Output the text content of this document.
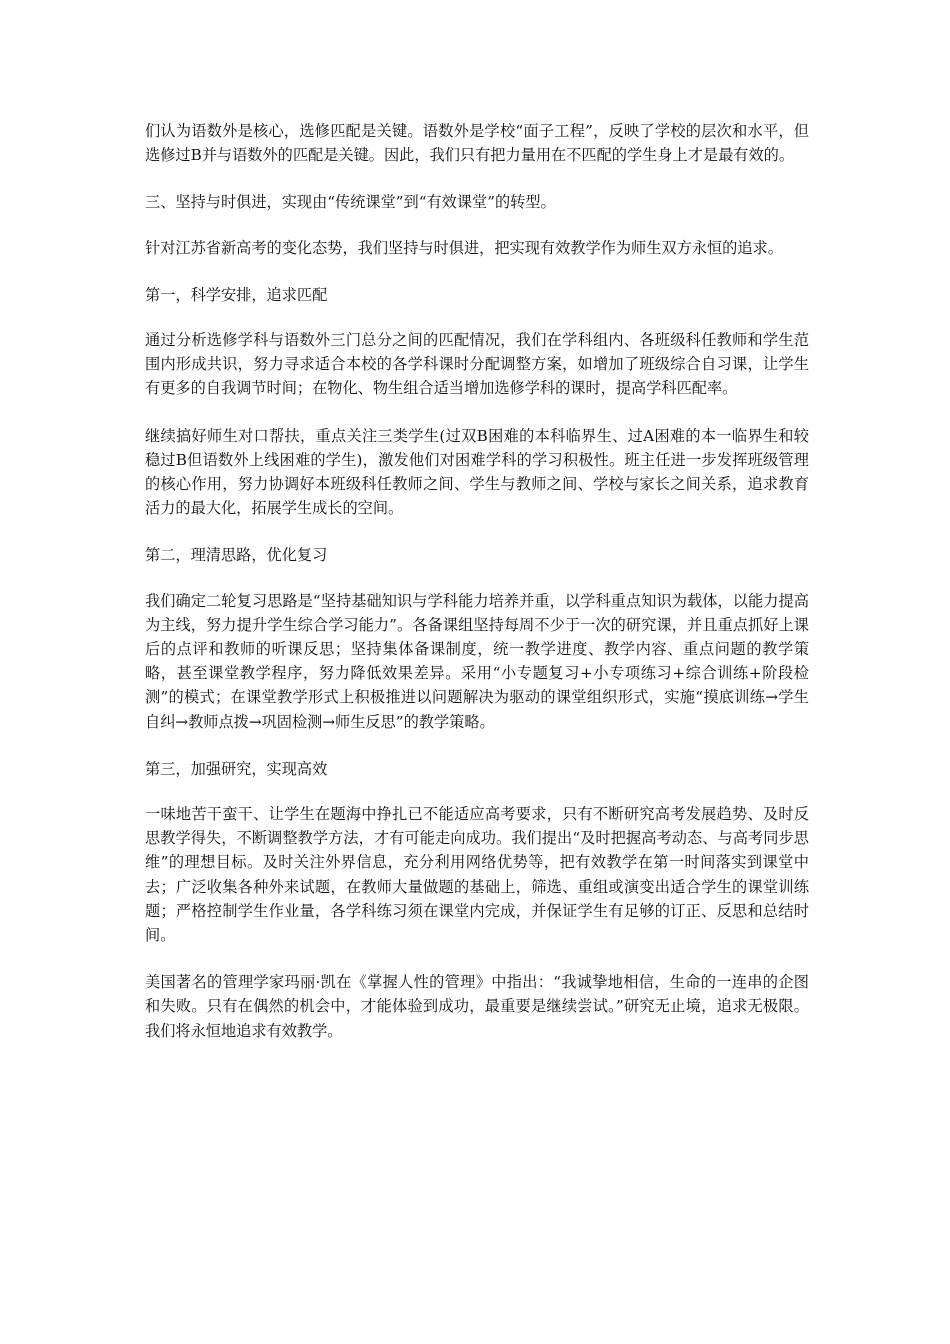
们认为语数外是核心，选修匹配是关键。语数外是学校“面子工程”，反映了学校的层次和水平，但选修过B并与语数外的匹配是关键。因此，我们只有把力量用在不匹配的学生身上才是最有效的。

三、坚持与时俱进，实现由“传统课堂”到“有效课堂”的转型。

针对江苏省新高考的变化态势，我们坚持与时俱进，把实现有效教学作为师生双方永恒的追求。

第一，科学安排，追求匹配

通过分析选修学科与语数外三门总分之间的匹配情况，我们在学科组内、各班级科任教师和学生范围内形成共识，努力寻求适合本校的各学科课时分配调整方案，如增加了班级综合自习课，让学生有更多的自我调节时间；在物化、物生组合适当增加选修学科的课时，提高学科匹配率。

继续搞好师生对口帮扶，重点关注三类学生(过双B困难的本科临界生、过A困难的本一临界生和较稳过B但语数外上线困难的学生)，激发他们对困难学科的学习积极性。班主任进一步发挥班级管理的核心作用，努力协调好本班级科任教师之间、学生与教师之间、学校与家长之间关系，追求教育活力的最大化，拓展学生成长的空间。

第二，理清思路，优化复习

我们确定二轮复习思路是“坚持基础知识与学科能力培养并重，以学科重点知识为载体，以能力提高为主线，努力提升学生综合学习能力”。各备课组坚持每周不少于一次的研究课，并且重点抓好上课后的点评和教师的听课反思；坚持集体备课制度，统一教学进度、教学内容、重点问题的教学策略，甚至课堂教学程序，努力降低效果差异。采用“小专题复习+小专项练习+综合训练+阶段检测”的模式；在课堂教学形式上积极推进以问题解决为驱动的课堂组织形式，实施“摸底训练→学生自纠→教师点拨→巩固检测→师生反思”的教学策略。

第三，加强研究，实现高效

一味地苦干蛮干、让学生在题海中挣扎已不能适应高考要求，只有不断研究高考发展趋势、及时反思教学得失，不断调整教学方法，才有可能走向成功。我们提出“及时把握高考动态、与高考同步思维”的理想目标。及时关注外界信息，充分利用网络优势等，把有效教学在第一时间落实到课堂中去；广泛收集各种外来试题，在教师大量做题的基础上，筛选、重组或演变出适合学生的课堂训练题；严格控制学生作业量，各学科练习须在课堂内完成，并保证学生有足够的订正、反思和总结时间。

美国著名的管理学家玛丽·凯在《掌握人性的管理》中指出：“我诚挚地相信，生命的一连串的企图和失败。只有在偶然的机会中，才能体验到成功，最重要是继续尝试。”研究无止境，追求无极限。我们将永恒地追求有效教学。
